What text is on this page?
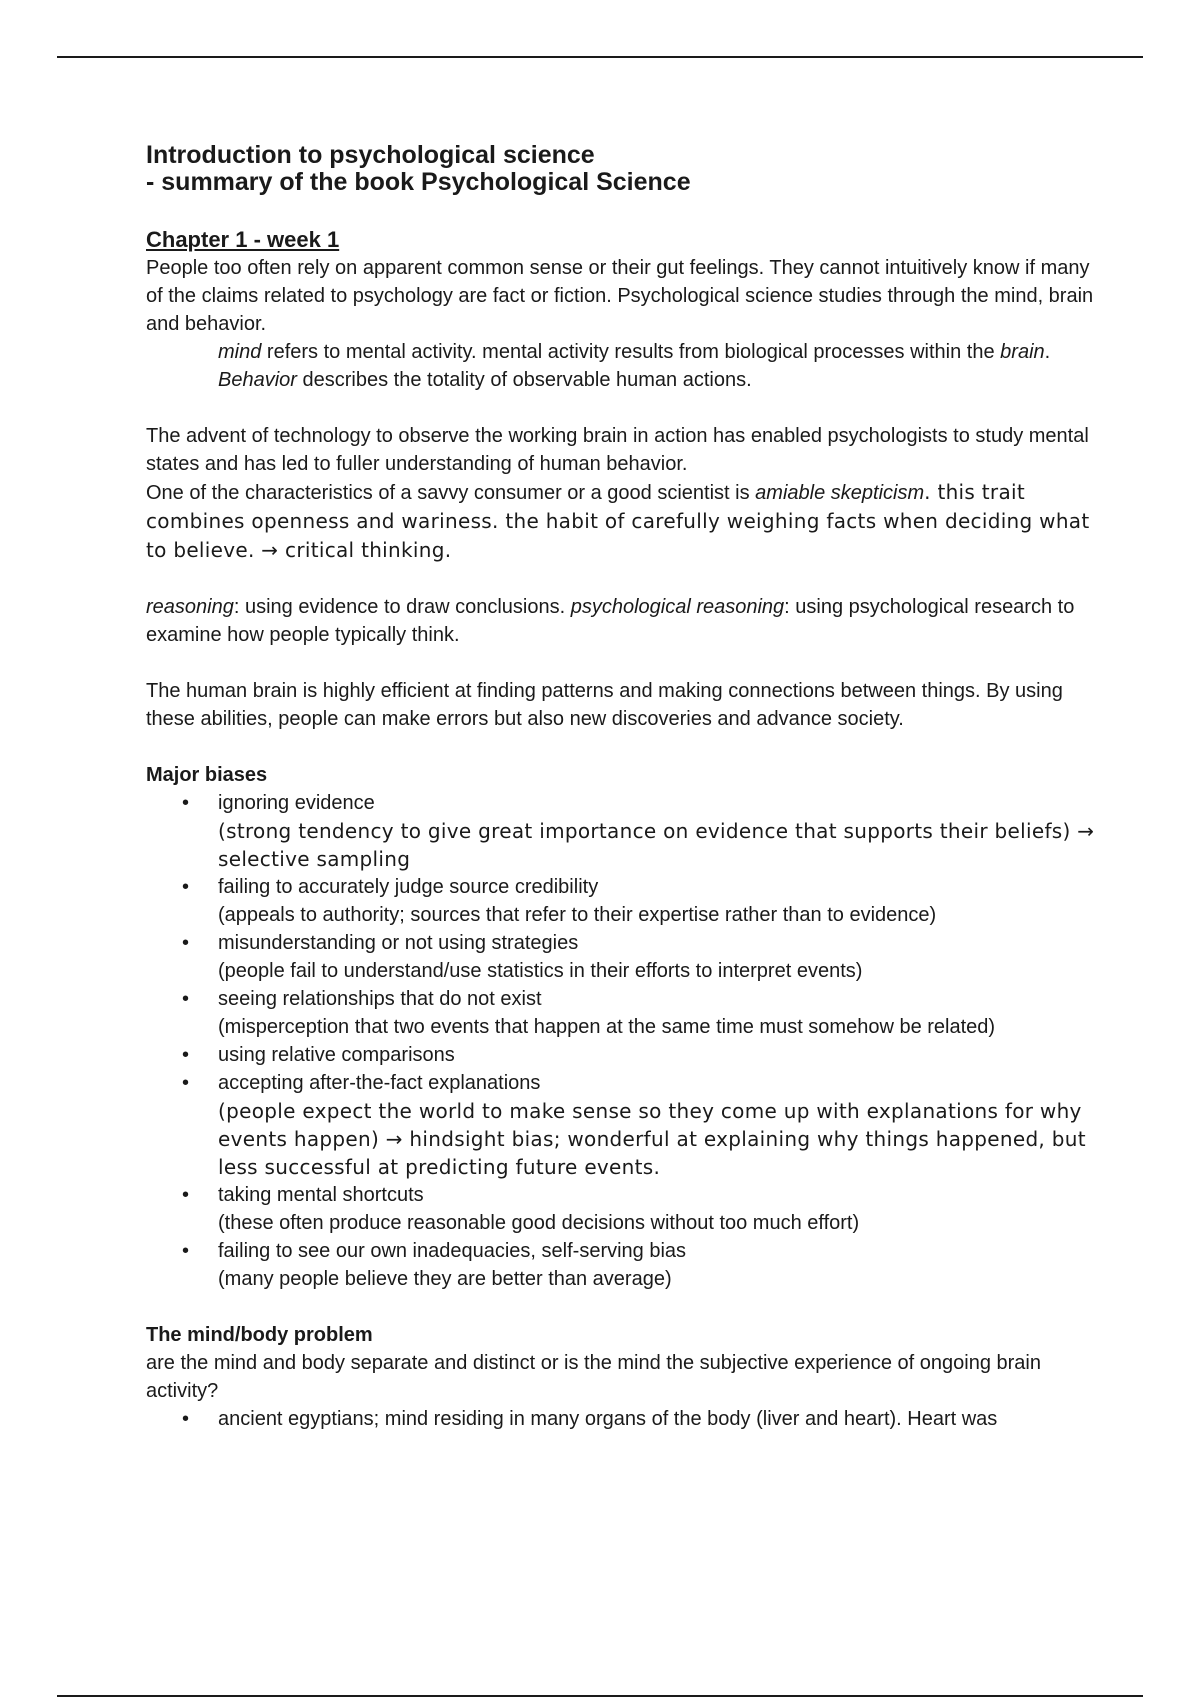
Introduction to psychological science
- summary of the book Psychological Science
Chapter 1 - week 1

People too often rely on apparent common sense or their gut feelings. They cannot intuitively know if many of the claims related to psychology are fact or fiction. Psychological science studies through the mind, brain and behavior.

mind refers to mental activity. mental activity results from biological processes within the brain. Behavior describes the totality of observable human actions.

The advent of technology to observe the working brain in action has enabled psychologists to study mental states and has led to fuller understanding of human behavior.

One of the characteristics of a savvy consumer or a good scientist is amiable skepticism. this trait combines openness and wariness. the habit of carefully weighing facts when deciding what to believe. → critical thinking.

reasoning: using evidence to draw conclusions. psychological reasoning: using psychological research to examine how people typically think.

The human brain is highly efficient at finding patterns and making connections between things. By using these abilities, people can make errors but also new discoveries and advance society.

Major biases
• ignoring evidence
(strong tendency to give great importance on evidence that supports their beliefs) → selective sampling
• failing to accurately judge source credibility
(appeals to authority; sources that refer to their expertise rather than to evidence)
• misunderstanding or not using strategies
(people fail to understand/use statistics in their efforts to interpret events)
• seeing relationships that do not exist
(misperception that two events that happen at the same time must somehow be related)
• using relative comparisons
• accepting after-the-fact explanations
(people expect the world to make sense so they come up with explanations for why events happen) → hindsight bias; wonderful at explaining why things happened, but less successful at predicting future events.
• taking mental shortcuts
(these often produce reasonable good decisions without too much effort)
• failing to see our own inadequacies, self-serving bias
(many people believe they are better than average)
The mind/body problem

are the mind and body separate and distinct or is the mind the subjective experience of ongoing brain activity?

• ancient egyptians; mind residing in many organs of the body (liver and heart). Heart was
